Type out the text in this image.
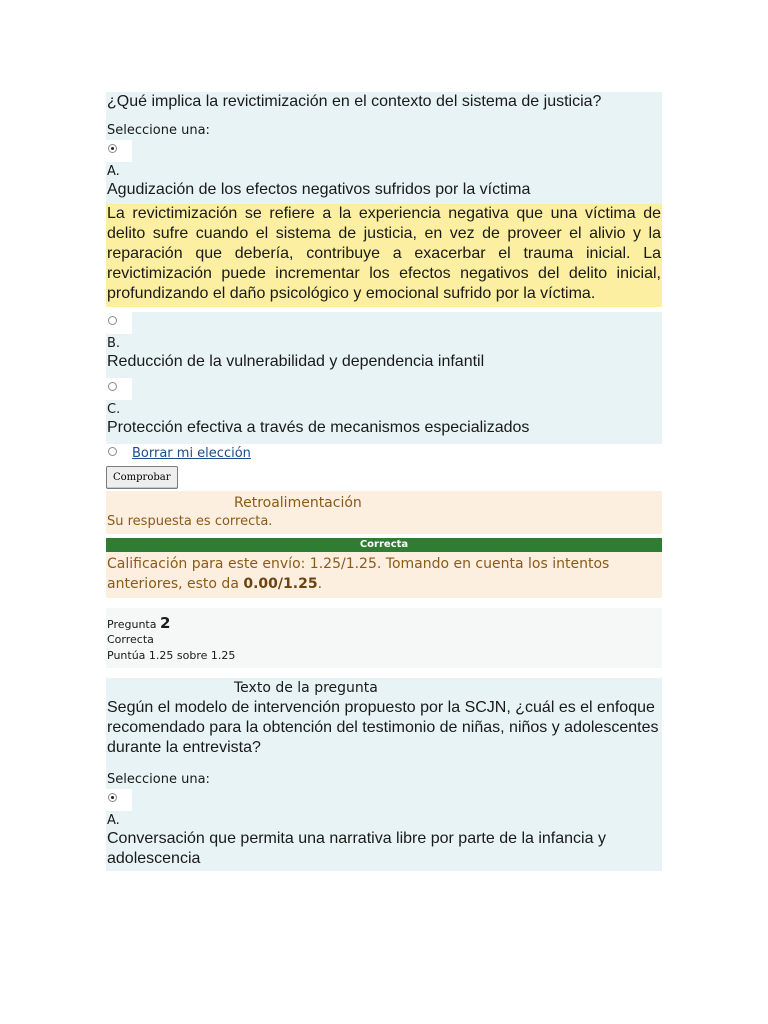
¿Qué implica la revictimización en el contexto del sistema de justicia?
Seleccione una:
A.
Agudización de los efectos negativos sufridos por la víctima
La revictimización se refiere a la experiencia negativa que una víctima de delito sufre cuando el sistema de justicia, en vez de proveer el alivio y la reparación que debería, contribuye a exacerbar el trauma inicial. La revictimización puede incrementar los efectos negativos del delito inicial, profundizando el daño psicológico y emocional sufrido por la víctima.
B.
Reducción de la vulnerabilidad y dependencia infantil
C.
Protección efectiva a través de mecanismos especializados
Borrar mi elección
Comprobar
Retroalimentación
Su respuesta es correcta.
Correcta
Calificación para este envío: 1.25/1.25. Tomando en cuenta los intentos anteriores, esto da 0.00/1.25.
Pregunta 2
Correcta
Puntúa 1.25 sobre 1.25
Texto de la pregunta
Según el modelo de intervención propuesto por la SCJN, ¿cuál es el enfoque recomendado para la obtención del testimonio de niñas, niños y adolescentes durante la entrevista?
Seleccione una:
A.
Conversación que permita una narrativa libre por parte de la infancia y adolescencia
